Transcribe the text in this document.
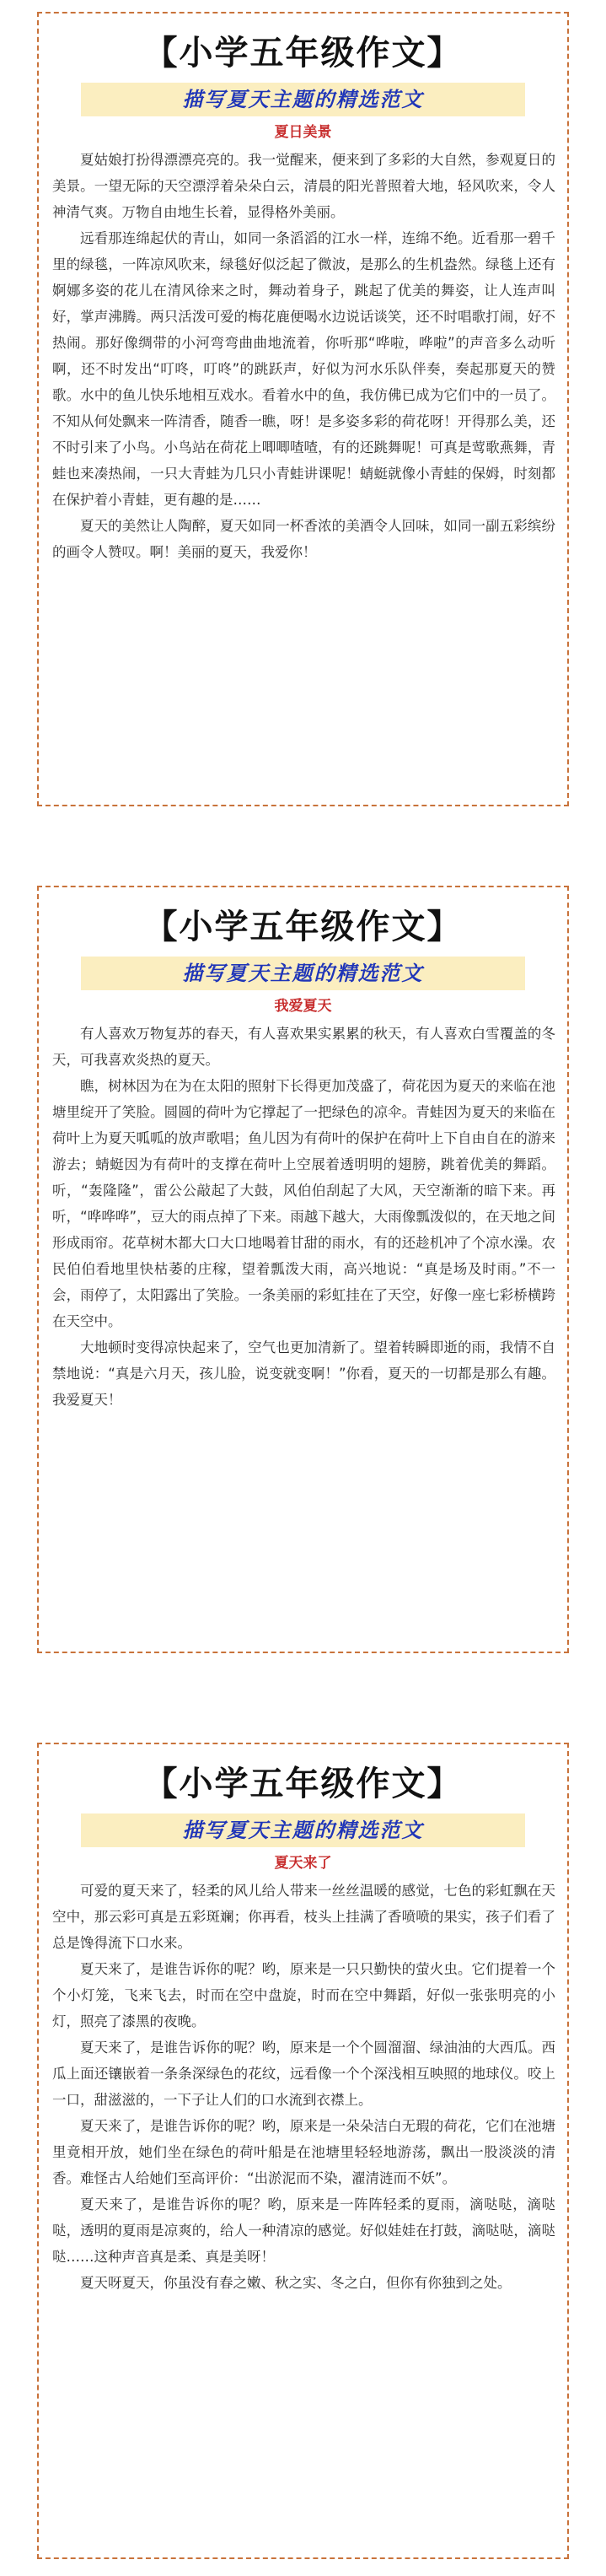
【小学五年级作文】
描写夏天主题的精选范文
夏日美景

夏姑娘打扮得漂漂亮亮的。我一觉醒来，便来到了多彩的大自然，参观夏日的美景。一望无际的天空漂浮着朵朵白云，清晨的阳光普照着大地，轻风吹来，令人神清气爽。万物自由地生长着，显得格外美丽。

远看那连绵起伏的青山，如同一条滔滔的江水一样，连绵不绝。近看那一碧千里的绿毯，一阵凉风吹来，绿毯好似泛起了微波，是那么的生机盎然。绿毯上还有婀娜多姿的花儿在清风徐来之时，舞动着身子，跳起了优美的舞姿，让人连声叫好，掌声沸腾。两只活泼可爱的梅花鹿便喝水边说话谈笑，还不时唱歌打闹，好不热闹。那好像绸带的小河弯弯曲曲地流着，你听那“哗啦，哗啦”的声音多么动听啊，还不时发出“叮咚，叮咚”的跳跃声，好似为河水乐队伴奏，奏起那夏天的赞歌。水中的鱼儿快乐地相互戏水。看着水中的鱼，我仿佛已成为它们中的一员了。不知从何处飘来一阵清香，随香一瞧，呀！是多姿多彩的荷花呀！开得那么美，还不时引来了小鸟。小鸟站在荷花上唧唧喳喳，有的还跳舞呢！可真是莺歌燕舞，青蛙也来凑热闹，一只大青蛙为几只小青蛙讲课呢！蜻蜓就像小青蛙的保姆，时刻都在保护着小青蛙，更有趣的是……

夏天的美然让人陶醉，夏天如同一杯香浓的美酒令人回味，如同一副五彩缤纷的画令人赞叹。啊！美丽的夏天，我爱你！

【小学五年级作文】
描写夏天主题的精选范文
我爱夏天

有人喜欢万物复苏的春天，有人喜欢果实累累的秋天，有人喜欢白雪覆盖的冬天，可我喜欢炎热的夏天。

瞧，树林因为在为在太阳的照射下长得更加茂盛了，荷花因为夏天的来临在池塘里绽开了笑脸。圆圆的荷叶为它撑起了一把绿色的凉伞。青蛙因为夏天的来临在荷叶上为夏天呱呱的放声歌唱；鱼儿因为有荷叶的保护在荷叶上下自由自在的游来游去；蜻蜓因为有荷叶的支撑在荷叶上空展着透明明的翅膀，跳着优美的舞蹈。听，“轰隆隆”，雷公公敲起了大鼓，风伯伯刮起了大风，天空渐渐的暗下来。再听，“哗哗哗”，豆大的雨点掉了下来。雨越下越大，大雨像瓢泼似的，在天地之间形成雨帘。花草树木都大口大口地喝着甘甜的雨水，有的还趁机冲了个凉水澡。农民伯伯看地里快枯萎的庄稼，望着瓢泼大雨，高兴地说：“真是场及时雨。”不一会，雨停了，太阳露出了笑脸。一条美丽的彩虹挂在了天空，好像一座七彩桥横跨在天空中。

大地顿时变得凉快起来了，空气也更加清新了。望着转瞬即逝的雨，我情不自禁地说：“真是六月天，孩儿脸，说变就变啊！”你看，夏天的一切都是那么有趣。我爱夏天！

【小学五年级作文】
描写夏天主题的精选范文
夏天来了

可爱的夏天来了，轻柔的风儿给人带来一丝丝温暖的感觉，七色的彩虹飘在天空中，那云彩可真是五彩斑斓；你再看，枝头上挂满了香喷喷的果实，孩子们看了总是馋得流下口水来。

夏天来了，是谁告诉你的呢？哟，原来是一只只勤快的萤火虫。它们提着一个个小灯笼，飞来飞去，时而在空中盘旋，时而在空中舞蹈，好似一张张明亮的小灯，照亮了漆黑的夜晚。

夏天来了，是谁告诉你的呢？哟，原来是一个个圆溜溜、绿油油的大西瓜。西瓜上面还镶嵌着一条条深绿色的花纹，远看像一个个深浅相互映照的地球仪。咬上一口，甜滋滋的，一下子让人们的口水流到衣襟上。

夏天来了，是谁告诉你的呢？哟，原来是一朵朵洁白无瑕的荷花，它们在池塘里竟相开放，她们坐在绿色的荷叶船是在池塘里轻轻地游荡，飘出一股淡淡的清香。难怪古人给她们至高评价：“出淤泥而不染，濯清涟而不妖”。

夏天来了，是谁告诉你的呢？哟，原来是一阵阵轻柔的夏雨，滴哒哒，滴哒哒，透明的夏雨是凉爽的，给人一种清凉的感觉。好似娃娃在打鼓，滴哒哒，滴哒哒……这种声音真是柔、真是美呀！

夏天呀夏天，你虽没有春之嫩、秋之实、冬之白，但你有你独到之处。
